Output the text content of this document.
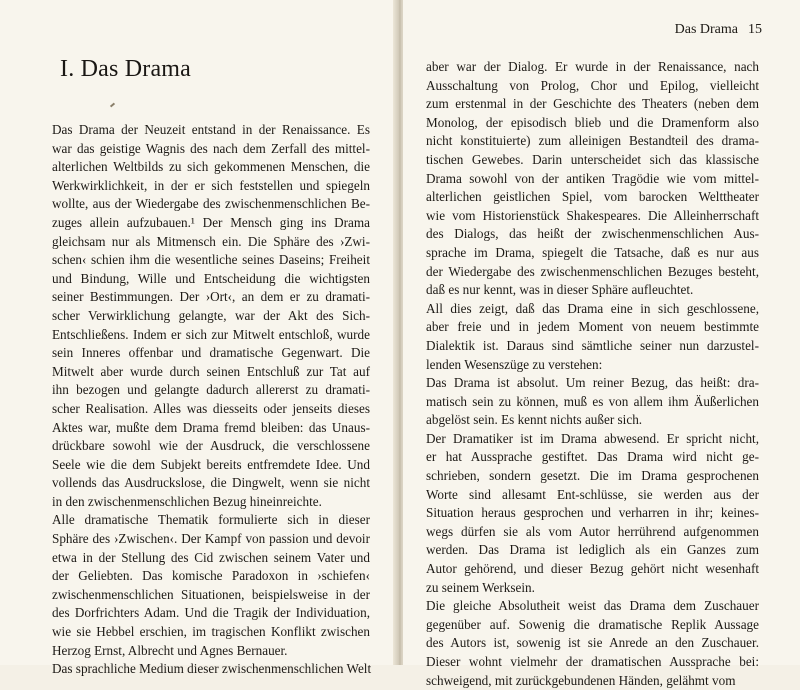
I. Das Drama
Das Drama der Neuzeit entstand in der Renaissance. Es
war das geistige Wagnis des nach dem Zerfall des mittel-
alterlichen Weltbilds zu sich gekommenen Menschen, die
Werkwirklichkeit, in der er sich feststellen und spiegeln
wollte, aus der Wiedergabe des zwischenmenschlichen Be-
zuges allein aufzubauen.¹ Der Mensch ging ins Drama
gleichsam nur als Mitmensch ein. Die Sphäre des ›Zwi-
schen‹ schien ihm die wesentliche seines Daseins; Freiheit
und Bindung, Wille und Entscheidung die wichtigsten
seiner Bestimmungen. Der ›Ort‹, an dem er zu dramati-
scher Verwirklichung gelangte, war der Akt des Sich-
Entschließens. Indem er sich zur Mitwelt entschloß, wurde
sein Inneres offenbar und dramatische Gegenwart. Die
Mitwelt aber wurde durch seinen Entschluß zur Tat auf
ihn bezogen und gelangte dadurch allererst zu dramati-
scher Realisation. Alles was diesseits oder jenseits dieses
Aktes war, mußte dem Drama fremd bleiben: das Unaus-
drückbare sowohl wie der Ausdruck, die verschlossene
Seele wie die dem Subjekt bereits entfremdete Idee. Und
vollends das Ausdruckslose, die Dingwelt, wenn sie nicht
in den zwischenmenschlichen Bezug hineinreichte.
Alle dramatische Thematik formulierte sich in dieser
Sphäre des ›Zwischen‹. Der Kampf von passion und devoir
etwa in der Stellung des Cid zwischen seinem Vater und
der Geliebten. Das komische Paradoxon in ›schiefen‹
zwischenmenschlichen Situationen, beispielsweise in der
des Dorfrichters Adam. Und die Tragik der Individuation,
wie sie Hebbel erschien, im tragischen Konflikt zwischen
Herzog Ernst, Albrecht und Agnes Bernauer.
Das sprachliche Medium dieser zwischenmenschlichen Welt
Das Drama 15
aber war der Dialog. Er wurde in der Renaissance, nach
Ausschaltung von Prolog, Chor und Epilog, vielleicht
zum erstenmal in der Geschichte des Theaters (neben dem
Monolog, der episodisch blieb und die Dramenform also
nicht konstituierte) zum alleinigen Bestandteil des drama-
tischen Gewebes. Darin unterscheidet sich das klassische
Drama sowohl von der antiken Tragödie wie vom mittel-
alterlichen geistlichen Spiel, vom barocken Welttheater
wie vom Historienstück Shakespeares. Die Alleinherrschaft
des Dialogs, das heißt der zwischenmenschlichen Aus-
sprache im Drama, spiegelt die Tatsache, daß es nur aus
der Wiedergabe des zwischenmenschlichen Bezuges besteht,
daß es nur kennt, was in dieser Sphäre aufleuchtet.
All dies zeigt, daß das Drama eine in sich geschlossene,
aber freie und in jedem Moment von neuem bestimmte
Dialektik ist. Daraus sind sämtliche seiner nun darzustel-
lenden Wesenszüge zu verstehen:
Das Drama ist absolut. Um reiner Bezug, das heißt: dra-
matisch sein zu können, muß es von allem ihm Äußerlichen
abgelöst sein. Es kennt nichts außer sich.
Der Dramatiker ist im Drama abwesend. Er spricht nicht,
er hat Aussprache gestiftet. Das Drama wird nicht ge-
schrieben, sondern gesetzt. Die im Drama gesprochenen
Worte sind allesamt Ent-schlüsse, sie werden aus der
Situation heraus gesprochen und verharren in ihr; keines-
wegs dürfen sie als vom Autor herrührend aufgenommen
werden. Das Drama ist lediglich als ein Ganzes zum
Autor gehörend, und dieser Bezug gehört nicht wesenhaft
zu seinem Werksein.
Die gleiche Absolutheit weist das Drama dem Zuschauer
gegenüber auf. Sowenig die dramatische Replik Aussage
des Autors ist, sowenig ist sie Anrede an den Zuschauer.
Dieser wohnt vielmehr der dramatischen Aussprache bei:
schweigend, mit zurückgebundenen Händen, gelähmt vom
